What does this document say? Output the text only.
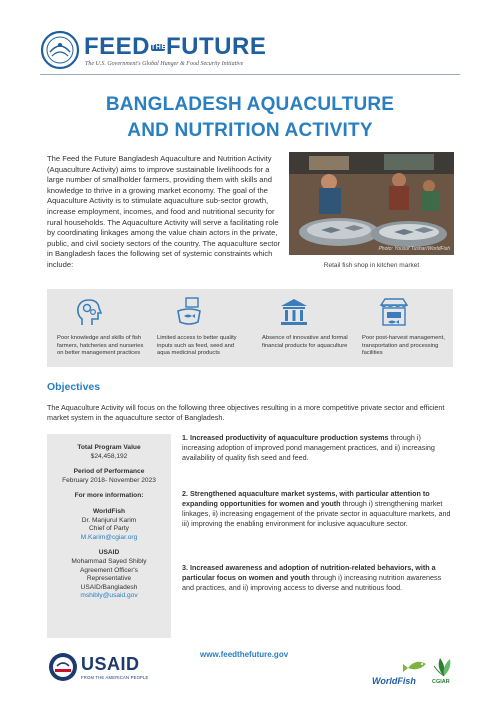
FEEDTHEFUTURE
The U.S. Government's Global Hunger & Food Security Initiative
BANGLADESH AQUACULTURE
AND NUTRITION ACTIVITY
The Feed the Future Bangladesh Aquaculture and Nutrition Activity (Aquaculture Activity) aims to improve sustainable livelihoods for a large number of smallholder farmers, providing them with skills and knowledge to thrive in a growing market economy. The goal of the Aquaculture Activity is to stimulate aquaculture sub-sector growth, increase employment, incomes, and food and nutritional security for rural households. The Aquaculture Activity will serve a facilitating role by coordinating linkages among the value chain actors in the private, public, and civil society sectors of the country. The aquaculture sector in Bangladesh faces the following set of systemic constraints which include:
Photo: Yousuf Tushar/WorldFish
Retail fish shop in kitchen market
Poor knowledge and skills of fish farmers, hatcheries and nurseries on better management practices
Limited access to better quality inputs such as feed, seed and aqua medicinal products
Absence of innovative and formal financial products for aquaculture
Poor post-harvest management, transportation and processing facilities
Objectives
The Aquaculture Activity will focus on the following three objectives resulting in a more competitive private sector and efficient market system in the aquaculture sector of Bangladesh.
Total Program Value
$24,458,192
Period of Performance
February 2018- November 2023
For more information:
WorldFish
Dr. Manjurul Karim
Chief of Party
M.Karim@cgiar.org
USAID
Mohammad Sayed Shibly
Agreement Officer's
Representative
USAID/Bangladesh
mshibly@usaid.gov
1. Increased productivity of aquaculture production systems through i) increasing adoption of improved pond management practices, and ii) increasing availability of quality fish seed and feed.
2. Strengthened aquaculture market systems, with particular attention to expanding opportunities for women and youth through i) strengthening market linkages, ii) increasing engagement of the private sector in aquaculture markets, and iii) improving the enabling environment for inclusive aquaculture sector.
3. Increased awareness and adoption of nutrition-related behaviors, with a particular focus on women and youth through i) increasing nutrition awareness and practices, and ii) improving access to diverse and nutritious food.
USAID
FROM THE AMERICAN PEOPLE
www.feedthefuture.gov
WorldFish	CGIAR
